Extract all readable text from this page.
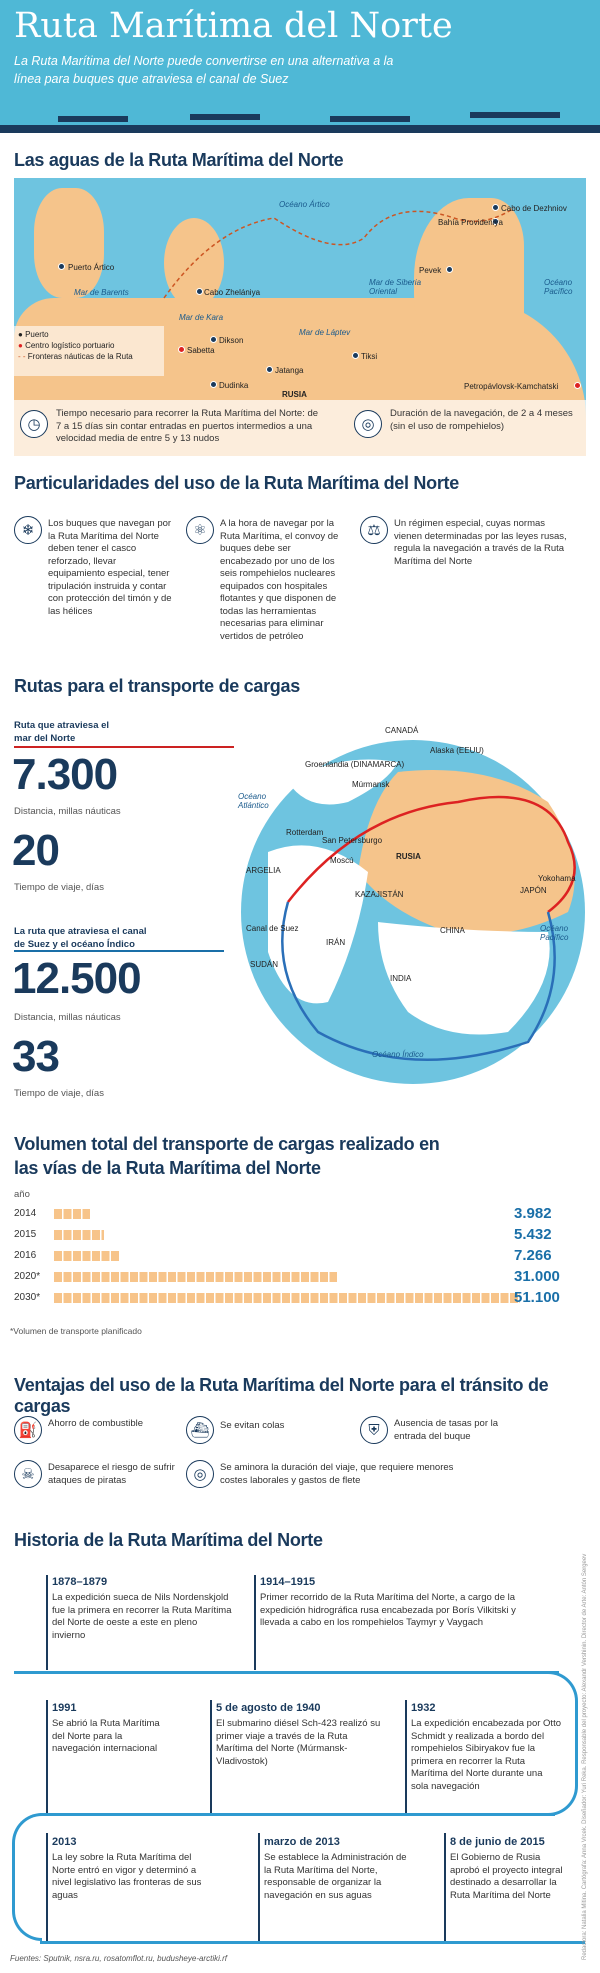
Ruta Marítima del Norte
La Ruta Marítima del Norte puede convertirse en una alternativa a la línea para buques que atraviesa el canal de Suez
Las aguas de la Ruta Marítima del Norte
Océano Ártico
Océano Pacífico
Mar de Barents
Mar de Kara
Mar de Láptev
Mar de Siberia Oriental
Cabo de Dezhniov
Bahía Provideniya
Puerto Ártico
Cabo Zhelániya
Pevek
Dikson
Sabetta
Dudinka
Jatanga
Tiksi
Petropávlovsk-Kamchatski
RUSIA
● Puerto
● Centro logístico portuario
- - Fronteras náuticas de la Ruta
◷
Tiempo necesario para recorrer la Ruta Marítima del Norte: de 7 a 15 días sin contar entradas en puertos intermedios a una velocidad media de entre 5 y 13 nudos
◎
Duración de la navegación, de 2 a 4 meses (sin el uso de rompehielos)
Particularidades del uso de la Ruta Marítima del Norte
❄	Los buques que navegan por la Ruta Marítima del Norte deben tener el casco reforzado, llevar equipamiento especial, tener tripulación instruida y contar con protección del timón y de las hélices
⚛	A la hora de navegar por la Ruta Marítima, el convoy de buques debe ser encabezado por uno de los seis rompehielos nucleares equipados con hospitales flotantes y que disponen de todas las herramientas necesarias para eliminar vertidos de petróleo
⚖	Un régimen especial, cuyas normas vienen determinadas por las leyes rusas, regula la navegación a través de la Ruta Marítima del Norte
Rutas para el transporte de cargas
Ruta que atraviesa el mar del Norte
7.300
Distancia, millas náuticas
20
Tiempo de viaje, días
La ruta que atraviesa el canal de Suez y el océano Índico
12.500
Distancia, millas náuticas
33
Tiempo de viaje, días
CANADÁ
Alaska (EEUU)
Groenlandia (DINAMARCA)
Océano Atlántico
Múrmansk
Rotterdam
San Petersburgo
Moscú	RUSIA
ARGELIA
KAZAJISTÁN
Yokohama
JAPÓN
Canal de Suez
IRÁN
CHINA	Océano Pacífico
SUDÁN
INDIA
Océano Índico
Volumen total del transporte de cargas realizado en las vías de la Ruta Marítima del Norte
año
2014	3.982
2015	5.432
2016	7.266
2020*	31.000
2030*	51.100
*Volumen de transporte planificado
Ventajas del uso de la Ruta Marítima del Norte para el tránsito de cargas
⛽	Ahorro de combustible	⛴	Se evitan colas	⛨	Ausencia de tasas por la entrada del buque
☠	Desaparece el riesgo de sufrir ataques de piratas	◎	Se aminora la duración del viaje, que requiere menores costes laborales y gastos de flete
Historia de la Ruta Marítima del Norte
1878–1879
La expedición sueca de Nils Nordenskjold fue la primera en recorrer la Ruta Marítima del Norte de oeste a este en pleno invierno
1914–1915
Primer recorrido de la Ruta Marítima del Norte, a cargo de la expedición hidrográfica rusa encabezada por Borís Vilkitski y llevada a cabo en los rompehielos Taymyr y Vaygach
1991
Se abrió la Ruta Marítima del Norte para la navegación internacional
5 de agosto de 1940
El submarino diésel Sch-423 realizó su primer viaje a través de la Ruta Marítima del Norte (Múrmansk- Vladivostok)
1932
La expedición encabezada por Otto Schmidt y realizada a bordo del rompehielos Sibiryakov fue la primera en recorrer la Ruta Marítima del Norte durante una sola navegación
2013
La ley sobre la Ruta Marítima del Norte entró en vigor y determinó a nivel legislativo las fronteras de sus aguas
marzo de 2013
Se establece la Administración de la Ruta Marítima del Norte, responsable de organizar la navegación en sus aguas
8 de junio de 2015
El Gobierno de Rusia aprobó el proyecto integral destinado a desarrollar la Ruta Marítima del Norte
Fuentes: Sputnik, nsra.ru, rosatomflot.ru, budusheye-arctiki.rf	Redactora: Natalia Mitina. Cartógrafa: Anna Vrcek. Diseñador: Yuri Reka. Responsable del proyecto: Alexandr Vershinin. Director de Arte: Antón Sergeev
